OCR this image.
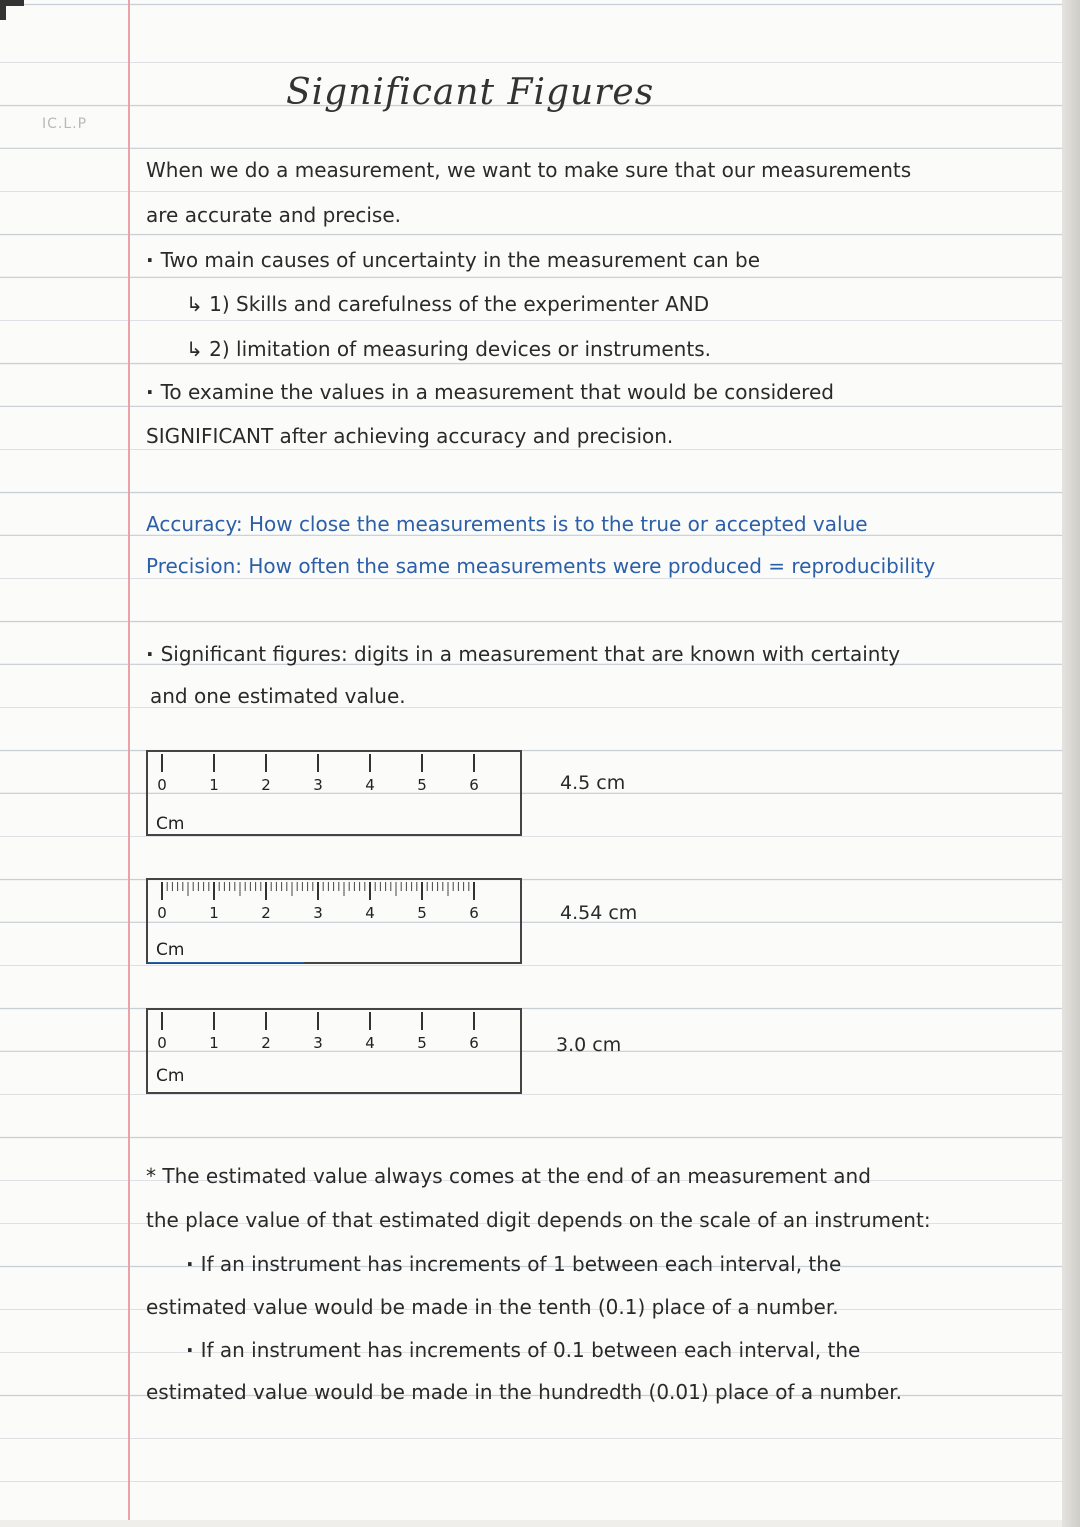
IC.L.P
Significant Figures
When we do a measurement, we want to make sure that our measurements
are accurate and precise.
· Two main causes of uncertainty in the measurement can be
↳ 1) Skills and carefulness of the experimenter AND
↳ 2) limitation of measuring devices or instruments.
· To examine the values in a measurement that would be considered
SIGNIFICANT after achieving accuracy and precision.
Accuracy: How close the measurements is to the true or accepted value
Precision: How often the same measurements were produced = reproducibility
· Significant figures: digits in a measurement that are known with certainty
and one estimated value.
0	1	2	3	4	5	6
Cm
4.5 cm
0	1	2	3	4	5	6
Cm
4.54 cm
0	1	2	3	4	5	6
Cm
3.0 cm
* The estimated value always comes at the end of an measurement and
the place value of that estimated digit depends on the scale of an instrument:
· If an instrument has increments of 1 between each interval, the
estimated value would be made in the tenth (0.1) place of a number.
· If an instrument has increments of 0.1 between each interval, the
estimated value would be made in the hundredth (0.01) place of a number.
